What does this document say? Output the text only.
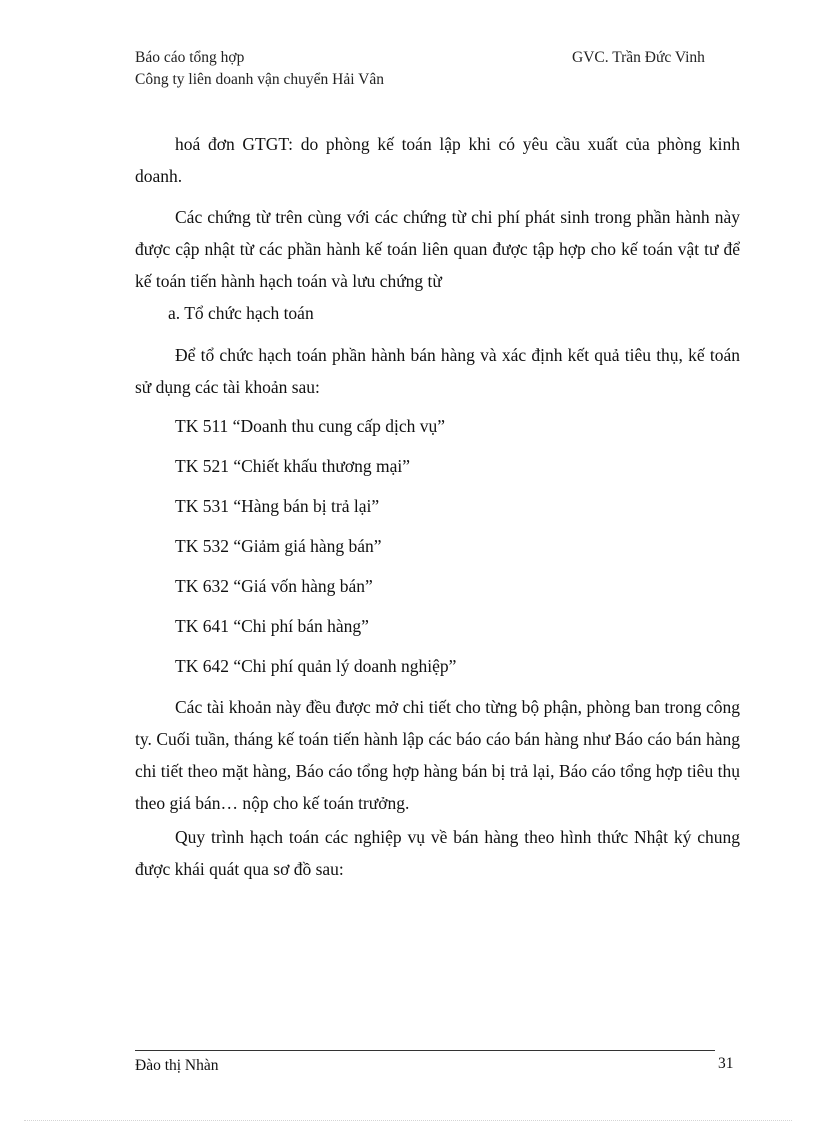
Báo cáo tổng hợp	GVC. Trần Đức Vinh
Công ty liên doanh vận chuyển Hải Vân

hoá đơn GTGT: do phòng kế toán lập khi có yêu cầu xuất của phòng kinh doanh.

Các chứng từ trên cùng với các chứng từ chi phí phát sinh trong phần hành này được cập nhật từ các phần hành kế toán liên quan được tập hợp cho kế toán vật tư để kế toán tiến hành hạch toán và lưu chứng từ

a. Tổ chức hạch toán

Để tổ chức hạch toán phần hành bán hàng và xác định kết quả tiêu thụ, kế toán sử dụng các tài khoản sau:

TK 511 “Doanh thu cung cấp dịch vụ”

TK 521 “Chiết khấu thương mại”

TK 531 “Hàng bán bị trả lại”

TK 532 “Giảm giá hàng bán”

TK 632 “Giá vốn hàng bán”

TK 641 “Chi phí bán hàng”

TK 642 “Chi phí quản lý doanh nghiệp”

Các tài khoản này đều được mở chi tiết cho từng bộ phận, phòng ban trong công ty. Cuối tuần, tháng kế toán tiến hành lập các báo cáo bán hàng như Báo cáo bán hàng chi tiết theo mặt hàng, Báo cáo tổng hợp hàng bán bị trả lại, Báo cáo tổng hợp tiêu thụ theo giá bán… nộp cho kế toán trưởng.

Quy trình hạch toán các nghiệp vụ về bán hàng theo hình thức Nhật ký chung được khái quát qua sơ đồ sau:

Đào thị Nhàn	31
